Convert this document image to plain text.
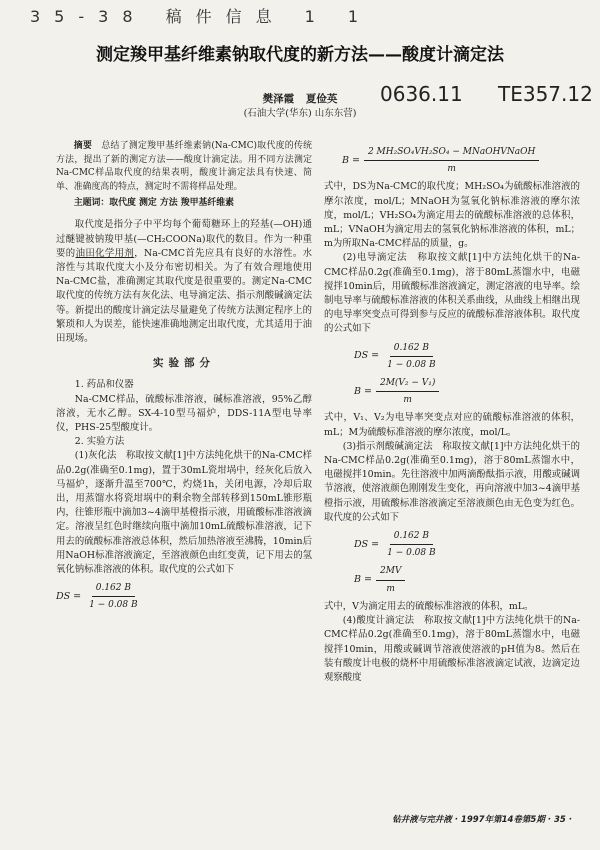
35-38 稿件信息 1 1
测定羧甲基纤维素钠取代度的新方法——酸度计滴定法
樊泽霞 夏俭英
(石油大学(华东) 山东东营)
0636.11 TE357.12

摘要　 总结了测定羧甲基纤维素钠(Na-CMC)取代度的传统方法，提出了新的测定方法——酸度计滴定法。用不同方法测定Na-CMC样品取代度的结果表明，酸度计滴定法具有快速、简单、准确度高的特点，测定时不需将样品处理。

主题词：取代度 测定 方法 羧甲基纤维素

取代度是指分子中平均每个葡萄糖环上的羟基(—OH)通过醚键被钠羧甲基(—CH₂COONa)取代的数目。作为一种重要的油田化学用剂，Na-CMC首先应具有良好的水溶性。水溶性与其取代度大小及分布密切相关。为了有效合理地使用Na-CMC盐，准确测定其取代度是很重要的。测定Na-CMC取代度的传统方法有灰化法、电导滴定法、指示剂酸碱滴定法等。新提出的酸度计滴定法尽量避免了传统方法测定程序上的繁琐和人为误差，能快速准确地测定出取代度，尤其适用于油田现场。

实验部分

1. 药品和仪器

Na-CMC样品，硫酸标准溶液，碱标准溶液，95%乙醇溶液，无水乙醇。SX-4-10型马福炉，DDS-11A型电导率仪，PHS-25型酸度计。

2. 实验方法

(1)灰化法　称取按文献[1]中方法纯化烘干的Na-CMC样品0.2g(准确至0.1mg)，置于30mL瓷坩埚中，经灰化后放入马福炉，逐渐升温至700℃，灼烧1h，关闭电源，冷却后取出，用蒸馏水将瓷坩埚中的剩余物全部转移到150mL锥形瓶内，往锥形瓶中滴加3~4滴甲基橙指示液，用硫酸标准溶液滴定。溶液呈红色时继续向瓶中滴加10mL硫酸标准溶液，记下用去的硫酸标准溶液总体积，然后加热溶液至沸腾，10min后用NaOH标准溶液滴定，至溶液颜色由红变黄，记下用去的氢氧化钠标准溶液的体积。取代度的公式如下

DS = $\frac{0.162 B}{1 - 0.08 B}$
$B = \frac{\text{2 MH₂SO₄VH₂SO₄ − MNaOHVNaOH}}{m}$

式中，DS为Na-CMC的取代度；MH₂SO₄为硫酸标准溶液的摩尔浓度，mol/L；MNaOH为氢氧化钠标准溶液的摩尔浓度，mol/L；VH₂SO₄为滴定用去的硫酸标准溶液的总体积，mL；VNaOH为滴定用去的氢氧化钠标准溶液的体积，mL；m为所取Na-CMC样品的质量，g。

(2)电导滴定法　称取按文献[1]中方法纯化烘干的Na-CMC样品0.2g(准确至0.1mg)，溶于80mL蒸馏水中，电磁搅拌10min后，用硫酸标准溶液滴定，测定溶液的电导率。绘制电导率与硫酸标准溶液的体积关系曲线，从曲线上相继出现的电导率突变点可得到参与反应的硫酸标准溶液体积。取代度的公式如下

DS = $\frac{0.162 B}{1 - 0.08 B}$
$B = \frac{\text{2M(V₂ − V₁)}}{m}$

式中，V₁、V₂为电导率突变点对应的硫酸标准溶液的体积，mL；M为硫酸标准溶液的摩尔浓度，mol/L。

(3)指示剂酸碱滴定法　称取按文献[1]中方法纯化烘干的Na-CMC样品0.2g(准确至0.1mg)，溶于80mL蒸馏水中，电磁搅拌10min。先往溶液中加两滴酚酞指示液，用酸或碱调节溶液，使溶液颜色刚刚发生变化，再向溶液中加3~4滴甲基橙指示液，用硫酸标准溶液滴定至溶液颜色由无色变为红色。取代度的公式如下

DS = $\frac{0.162 B}{1 - 0.08 B}$
$B = \frac{2MV}{m}$

式中，V为滴定用去的硫酸标准溶液的体积，mL。

(4)酸度计滴定法　称取按文献[1]中方法纯化烘干的Na-CMC样品0.2g(准确至0.1mg)，溶于80mL蒸馏水中，电磁搅拌10min，用酸或碱调节溶液使溶液的pH值为8。然后在装有酸度计电极的烧杯中用硫酸标准溶液滴定试液，边滴定边观察酸度

钻井液与完井液 · 1997年第14卷第5期 · 35 ·
